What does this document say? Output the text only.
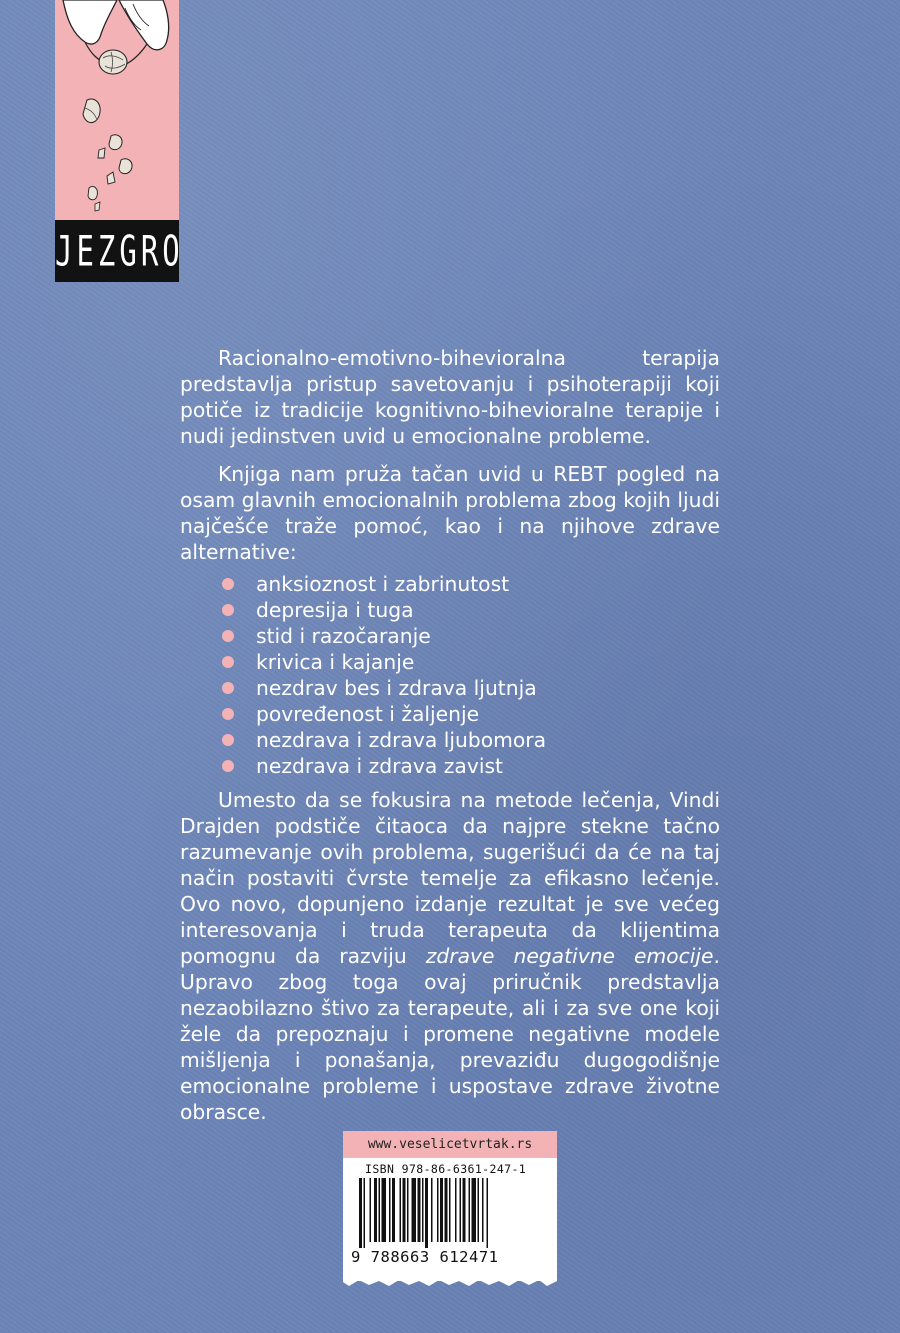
JEZGRO

Racionalno-emotivno-bihevioralna terapija predstavlja pristup savetovanju i psihoterapiji koji potiče iz tradicije kognitivno-bihevioralne terapije i nudi jedinstven uvid u emocionalne probleme.

Knjiga nam pruža tačan uvid u REBT pogled na osam glavnih emocionalnih problema zbog kojih ljudi najčešće traže pomoć, kao i na njihove zdrave alternative:

anksioznost i zabrinutost
depresija i tuga
stid i razočaranje
krivica i kajanje
nezdrav bes i zdrava ljutnja
povređenost i žaljenje
nezdrava i zdrava ljubomora
nezdrava i zdrava zavist

Umesto da se fokusira na metode lečenja, Vindi Drajden podstiče čitaoca da najpre stekne tačno razumevanje ovih problema, sugerišući da će na taj način postaviti čvrste temelje za efikasno lečenje. Ovo novo, dopunjeno izdanje rezultat je sve većeg interesovanja i truda terapeuta da klijentima pomognu da razviju zdrave negativne emocije. Upravo zbog toga ovaj priručnik predstavlja nezaobilazno štivo za terapeute, ali i za sve one koji žele da prepoznaju i promene negativne modele mišljenja i ponašanja, prevaziđu dugogodišnje emocionalne probleme i uspostave zdrave životne obrasce.

www.veselicetvrtak.rs
ISBN 978-86-6361-247-1
9 788663 612471
